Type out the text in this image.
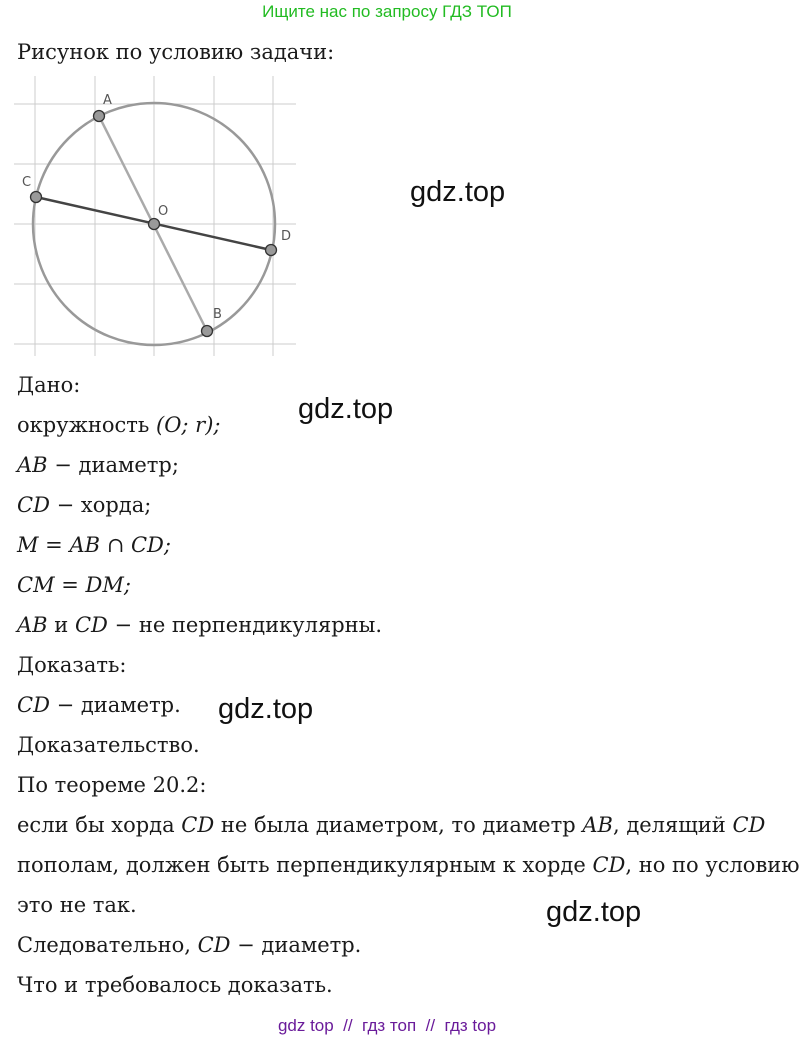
Ищите нас по запросу ГДЗ ТОП
Рисунок по условию задачи:
A
B
C
D
O
gdz.top
gdz.top
gdz.top
gdz.top
Дано:
окружность (O; r);
AB − диаметр;
CD − хорда;
M = AB ∩ CD;
CM = DM;
AB и CD − не перпендикулярны.
Доказать:
CD − диаметр.
Доказательство.
По теореме 20.2:
если бы хорда CD не была диаметром, то диаметр AB, делящий CD
пополам, должен быть перпендикулярным к хорде CD, но по условию
это не так.
Следовательно, CD − диаметр.
Что и требовалось доказать.
gdz top  //  гдз топ  //  гдз top
